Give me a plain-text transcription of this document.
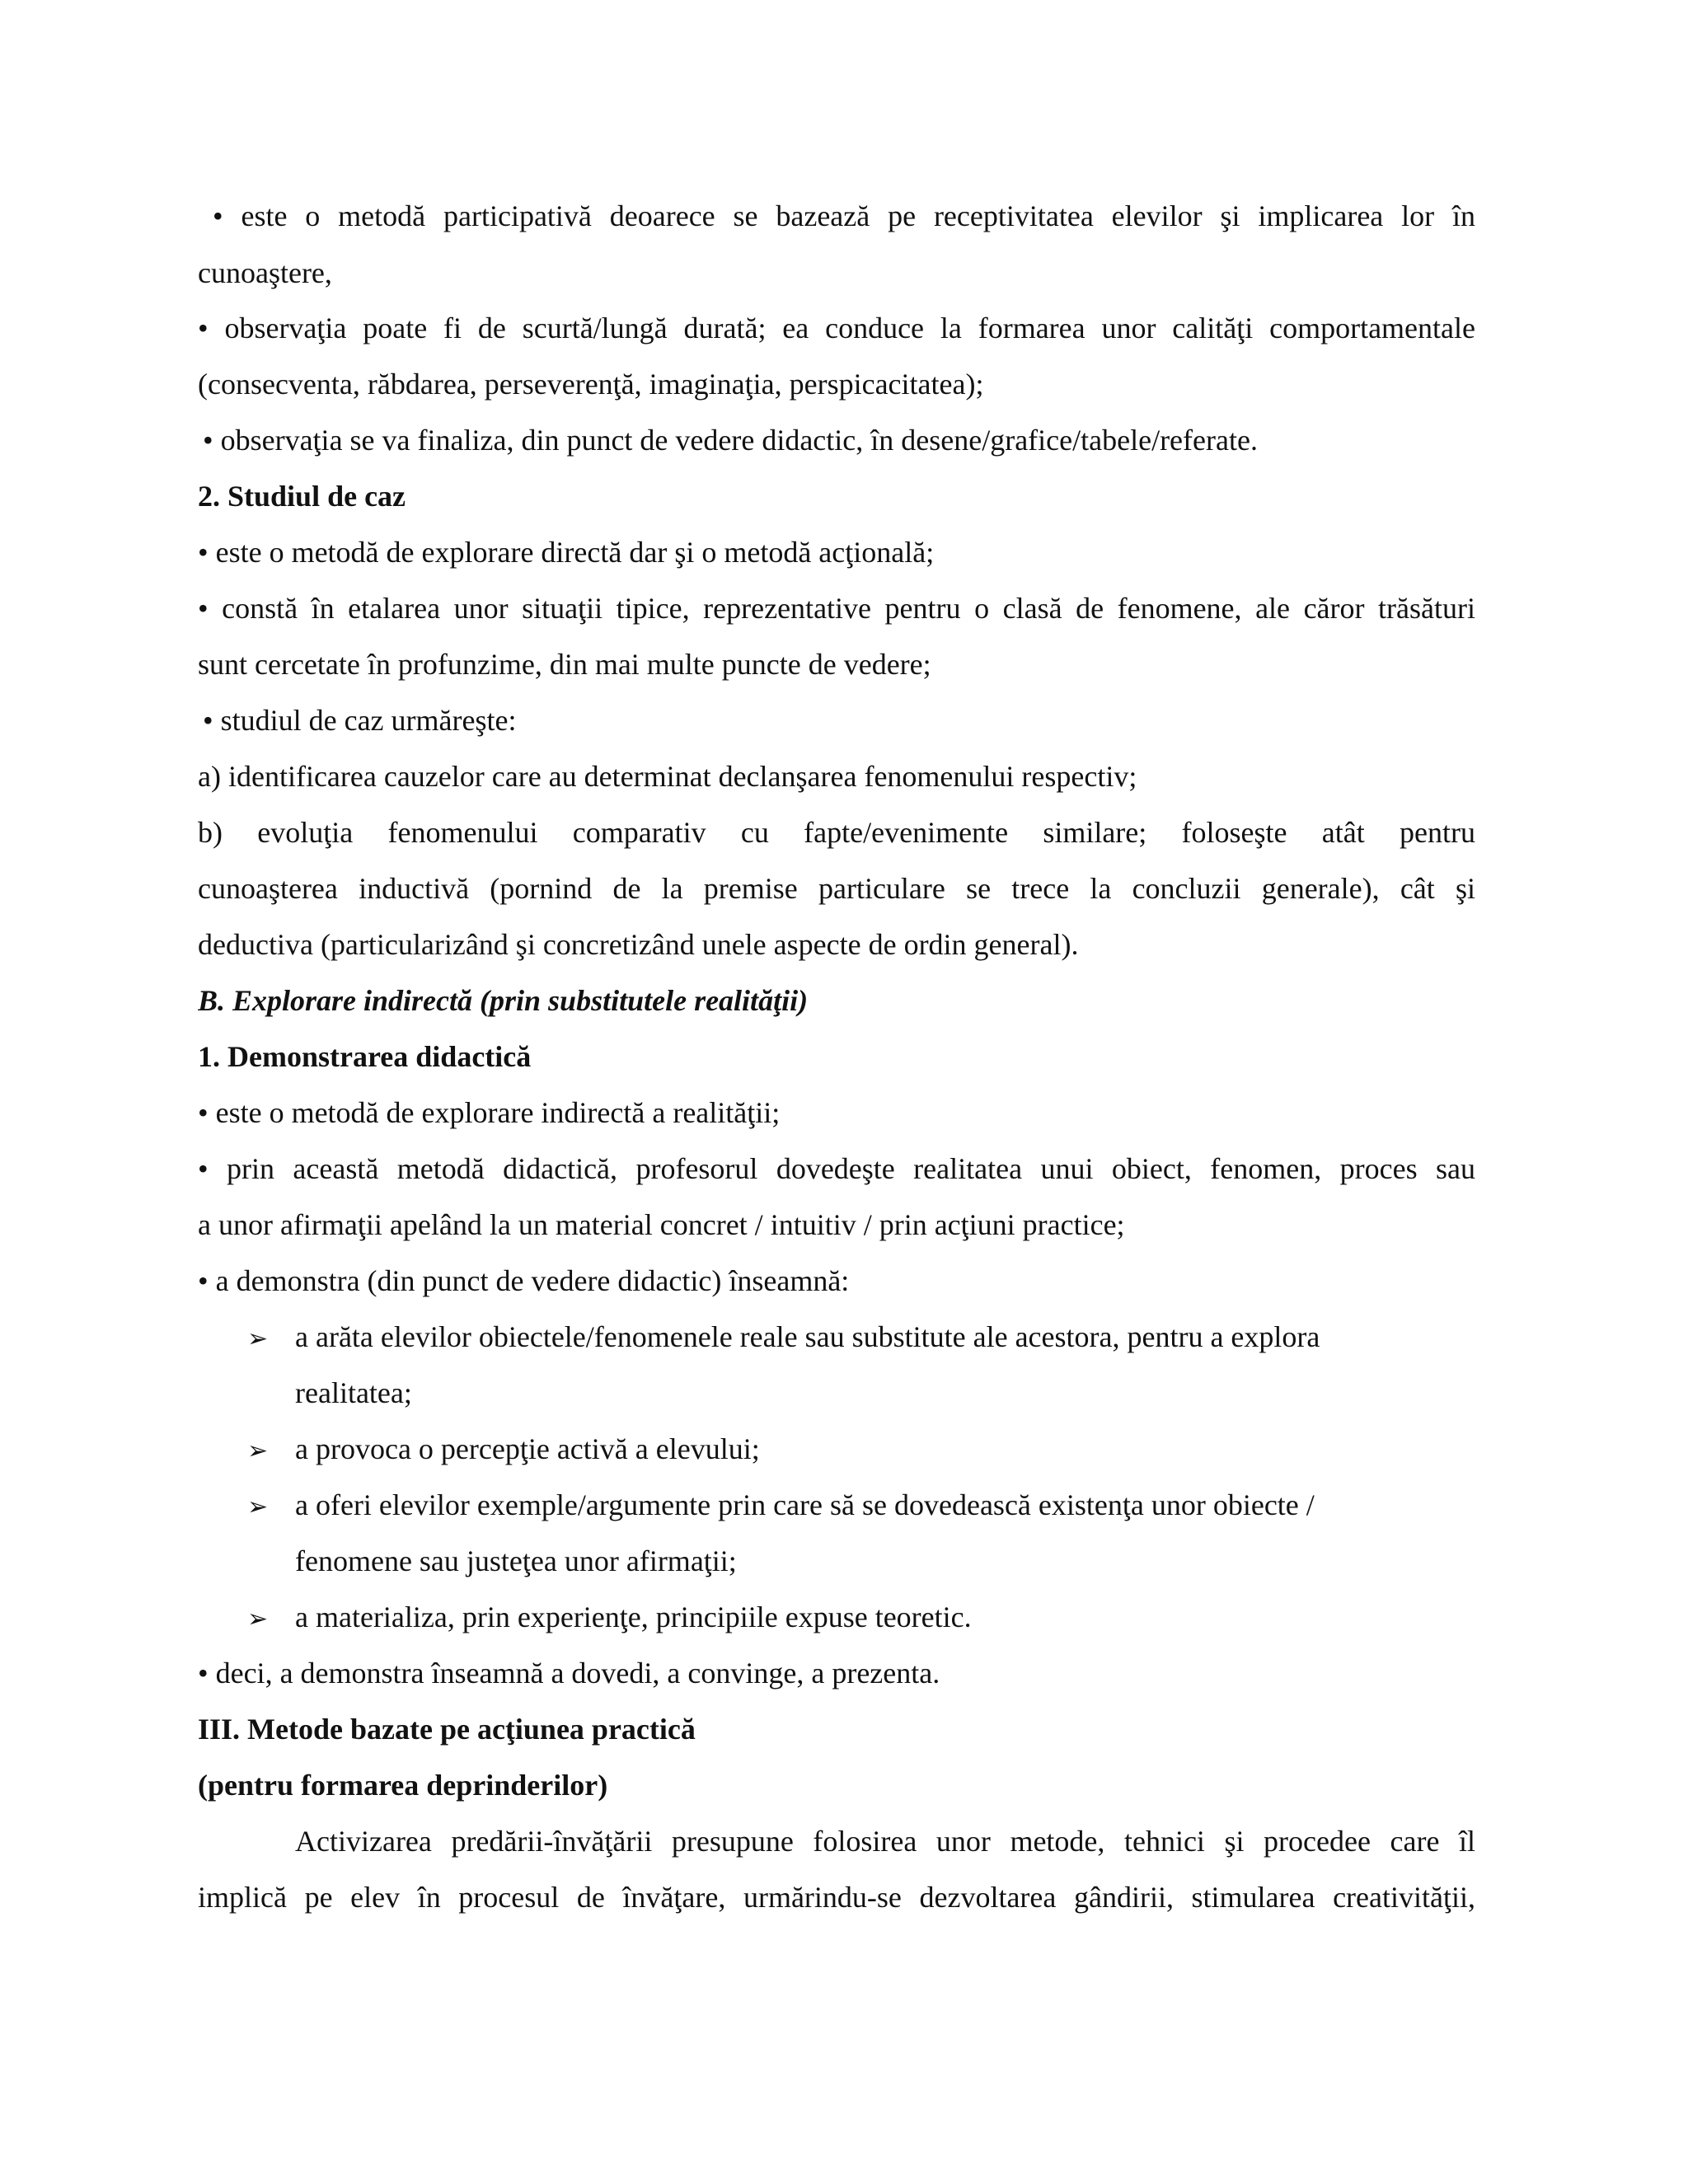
• este o metodă participativă deoarece se bazează pe receptivitatea elevilor şi implicarea lor în
cunoaştere,
• observaţia poate fi de scurtă/lungă durată; ea conduce la formarea unor calităţi comportamentale
(consecventa, răbdarea, perseverenţă, imaginaţia, perspicacitatea);
• observaţia se va finaliza, din punct de vedere didactic, în desene/grafice/tabele/referate.
2. Studiul de caz
• este o metodă de explorare directă dar şi o metodă acţională;
• constă în etalarea unor situaţii tipice, reprezentative pentru o clasă de fenomene, ale căror trăsături
sunt cercetate în profunzime, din mai multe puncte de vedere;
• studiul de caz urmăreşte:
a) identificarea cauzelor care au determinat declanşarea fenomenului respectiv;
b) evoluţia fenomenului comparativ cu fapte/evenimente similare; foloseşte atât pentru
cunoaşterea inductivă (pornind de la premise particulare se trece la concluzii generale), cât şi
deductiva (particularizând şi concretizând unele aspecte de ordin general).
B. Explorare indirectă (prin substitutele realităţii)
1. Demonstrarea didactică
• este o metodă de explorare indirectă a realităţii;
• prin această metodă didactică, profesorul dovedeşte realitatea unui obiect, fenomen, proces sau
a unor afirmaţii apelând la un material concret / intuitiv / prin acţiuni practice;
• a demonstra (din punct de vedere didactic) înseamnă:
➢ a arăta elevilor obiectele/fenomenele reale sau substitute ale acestora, pentru a explora
realitatea;
➢ a provoca o percepţie activă a elevului;
➢ a oferi elevilor exemple/argumente prin care să se dovedească existenţa unor obiecte /
fenomene sau justeţea unor afirmaţii;
➢ a materializa, prin experienţe, principiile expuse teoretic.
• deci, a demonstra înseamnă a dovedi, a convinge, a prezenta.
III. Metode bazate pe acţiunea practică
(pentru formarea deprinderilor)
Activizarea predării-învăţării presupune folosirea unor metode, tehnici şi procedee care îl
implică pe elev în procesul de învăţare, urmărindu-se dezvoltarea gândirii, stimularea creativităţii,
